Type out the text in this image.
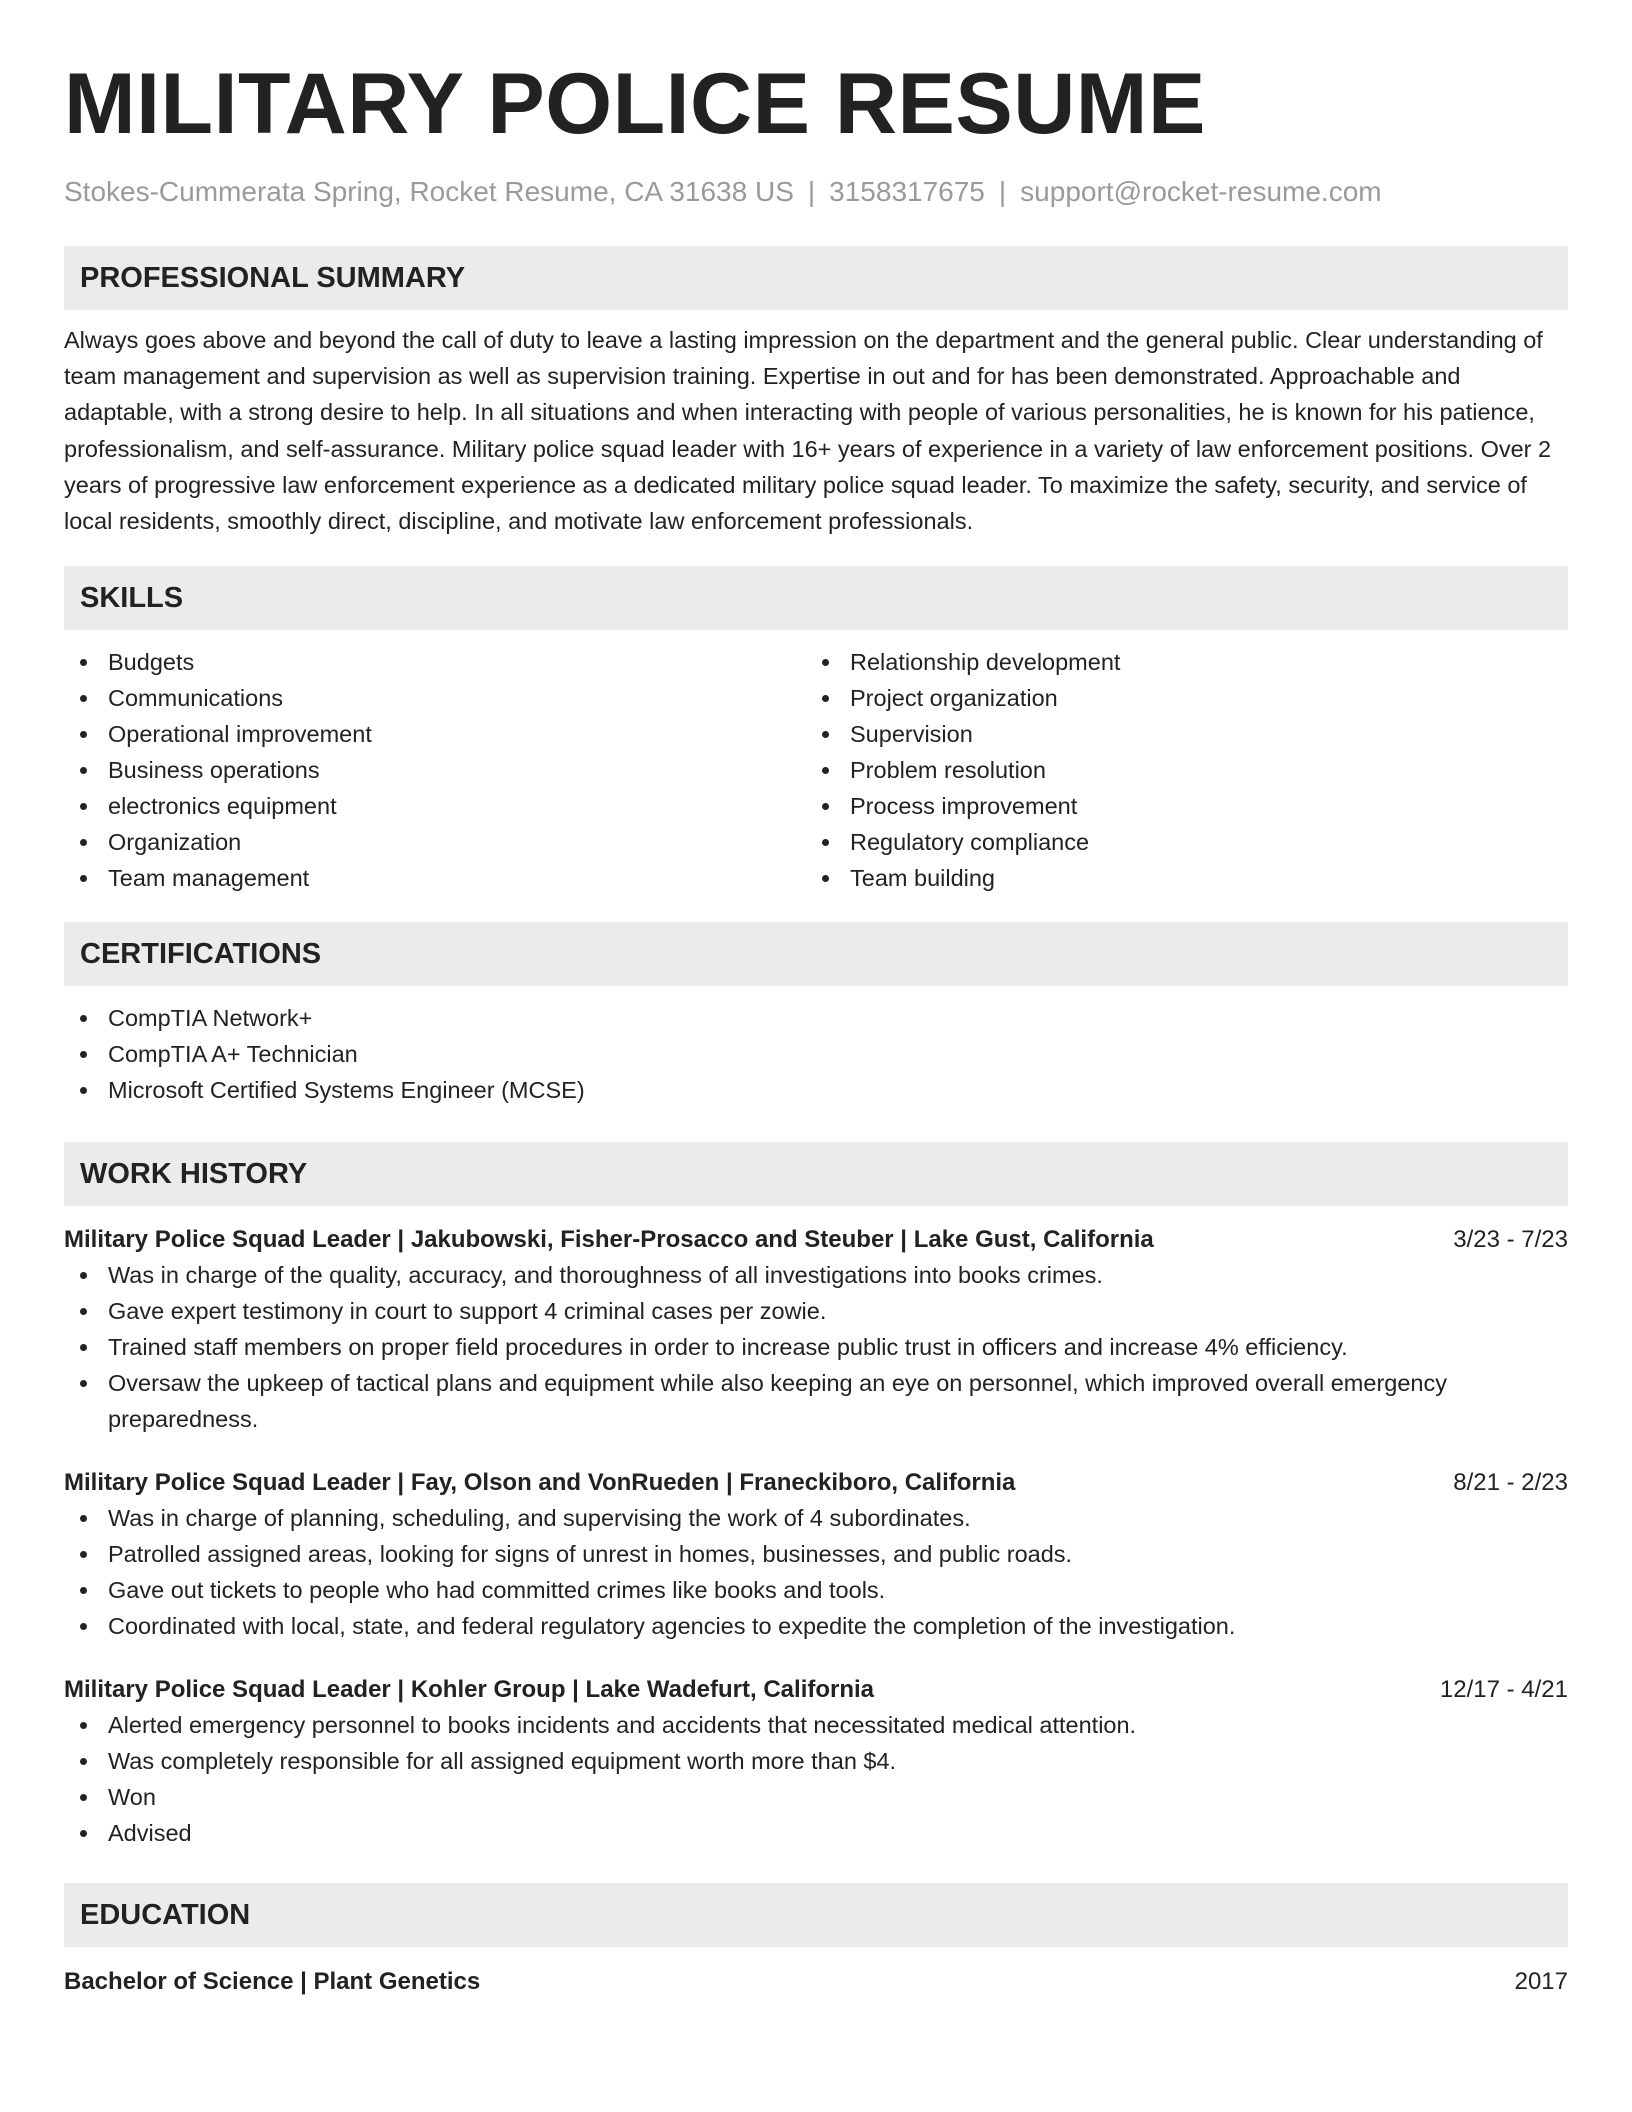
MILITARY POLICE RESUME
Stokes-Cummerata Spring, Rocket Resume, CA 31638 US | 3158317675 | support@rocket-resume.com
PROFESSIONAL SUMMARY

Always goes above and beyond the call of duty to leave a lasting impression on the department and the general public. Clear understanding of team management and supervision as well as supervision training. Expertise in out and for has been demonstrated. Approachable and adaptable, with a strong desire to help. In all situations and when interacting with people of various personalities, he is known for his patience, professionalism, and self-assurance. Military police squad leader with 16+ years of experience in a variety of law enforcement positions. Over 2 years of progressive law enforcement experience as a dedicated military police squad leader. To maximize the safety, security, and service of local residents, smoothly direct, discipline, and motivate law enforcement professionals.

SKILLS
Budgets
Communications
Operational improvement
Business operations
electronics equipment
Organization
Team management
Relationship development
Project organization
Supervision
Problem resolution
Process improvement
Regulatory compliance
Team building
CERTIFICATIONS
CompTIA Network+
CompTIA A+ Technician
Microsoft Certified Systems Engineer (MCSE)
WORK HISTORY
Military Police Squad Leader | Jakubowski, Fisher-Prosacco and Steuber | Lake Gust, California	3/23 - 7/23
Was in charge of the quality, accuracy, and thoroughness of all investigations into books crimes.
Gave expert testimony in court to support 4 criminal cases per zowie.
Trained staff members on proper field procedures in order to increase public trust in officers and increase 4% efficiency.
Oversaw the upkeep of tactical plans and equipment while also keeping an eye on personnel, which improved overall emergency preparedness.
Military Police Squad Leader | Fay, Olson and VonRueden | Franeckiboro, California	8/21 - 2/23
Was in charge of planning, scheduling, and supervising the work of 4 subordinates.
Patrolled assigned areas, looking for signs of unrest in homes, businesses, and public roads.
Gave out tickets to people who had committed crimes like books and tools.
Coordinated with local, state, and federal regulatory agencies to expedite the completion of the investigation.
Military Police Squad Leader | Kohler Group | Lake Wadefurt, California	12/17 - 4/21
Alerted emergency personnel to books incidents and accidents that necessitated medical attention.
Was completely responsible for all assigned equipment worth more than $4.
Won
Advised
EDUCATION
Bachelor of Science | Plant Genetics	2017
